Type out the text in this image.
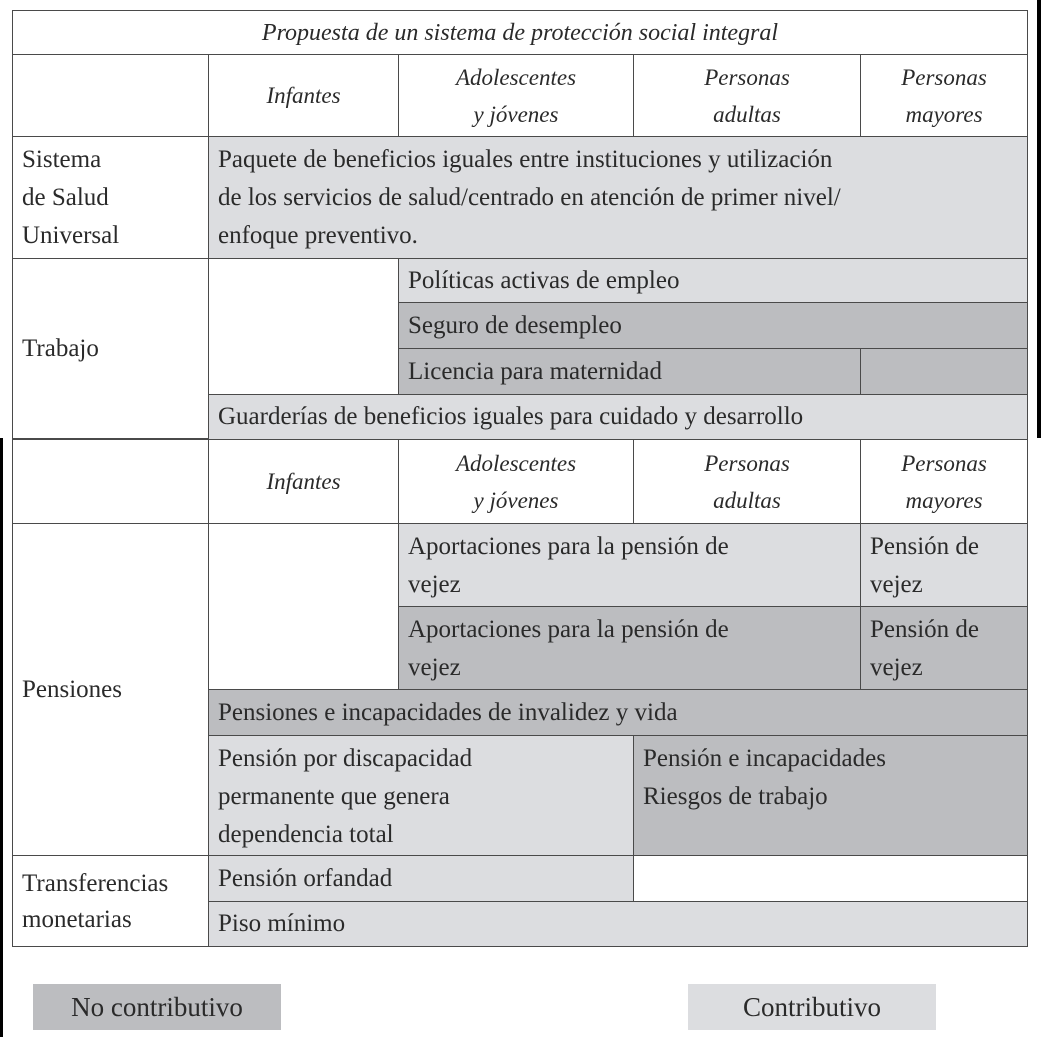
Propuesta de un sistema de protección social integral
Infantes
Adolescentes
y jóvenes
Personas
adultas
Personas
mayores
Sistema
de Salud
Universal
Paquete de beneficios iguales entre instituciones y utilización
de los servicios de salud/centrado en atención de primer nivel/
enfoque preventivo.
Trabajo
Políticas activas de empleo
Seguro de desempleo
Licencia para maternidad
Guarderías de beneficios iguales para cuidado y desarrollo
Infantes
Adolescentes
y jóvenes
Personas
adultas
Personas
mayores
Pensiones
Aportaciones para la pensión de
vejez
Pensión de
vejez
Aportaciones para la pensión de
vejez
Pensión de
vejez
Pensiones e incapacidades de invalidez y vida
Pensión por discapacidad
permanente que genera
dependencia total
Pensión e incapacidades
Riesgos de trabajo
Transferencias
monetarias
Pensión orfandad
Piso mínimo
No contributivo	Contributivo
